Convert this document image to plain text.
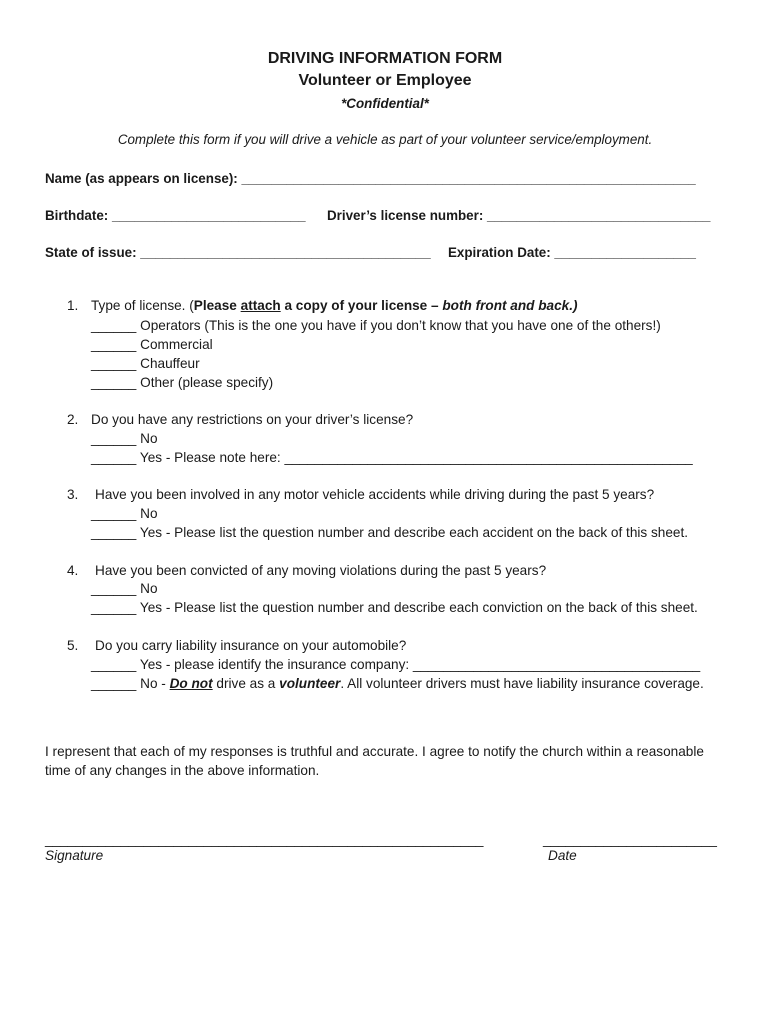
DRIVING INFORMATION FORM
Volunteer or Employee
*Confidential*
Complete this form if you will drive a vehicle as part of your volunteer service/employment.
Name (as appears on license): _____________________________________________________________
Birthdate: __________________________ Driver’s license number: ______________________________
State of issue: _______________________________________ Expiration Date: ___________________
1. Type of license. (Please attach a copy of your license – both front and back.)
______ Operators (This is the one you have if you don’t know that you have one of the others!)
______ Commercial
______ Chauffeur
______ Other (please specify)
2. Do you have any restrictions on your driver’s license?
______ No
______ Yes - Please note here: ______________________________________________________
3. Have you been involved in any motor vehicle accidents while driving during the past 5 years?
______ No
______ Yes - Please list the question number and describe each accident on the back of this sheet.
4. Have you been convicted of any moving violations during the past 5 years?
______ No
______ Yes - Please list the question number and describe each conviction on the back of this sheet.
5. Do you carry liability insurance on your automobile?
______ Yes - please identify the insurance company: ______________________________________
______ No - Do not drive as a volunteer. All volunteer drivers must have liability insurance coverage.
I represent that each of my responses is truthful and accurate. I agree to notify the church within a reasonable
time of any changes in the above information.
__________________________________________________________	_______________________
Signature	Date
